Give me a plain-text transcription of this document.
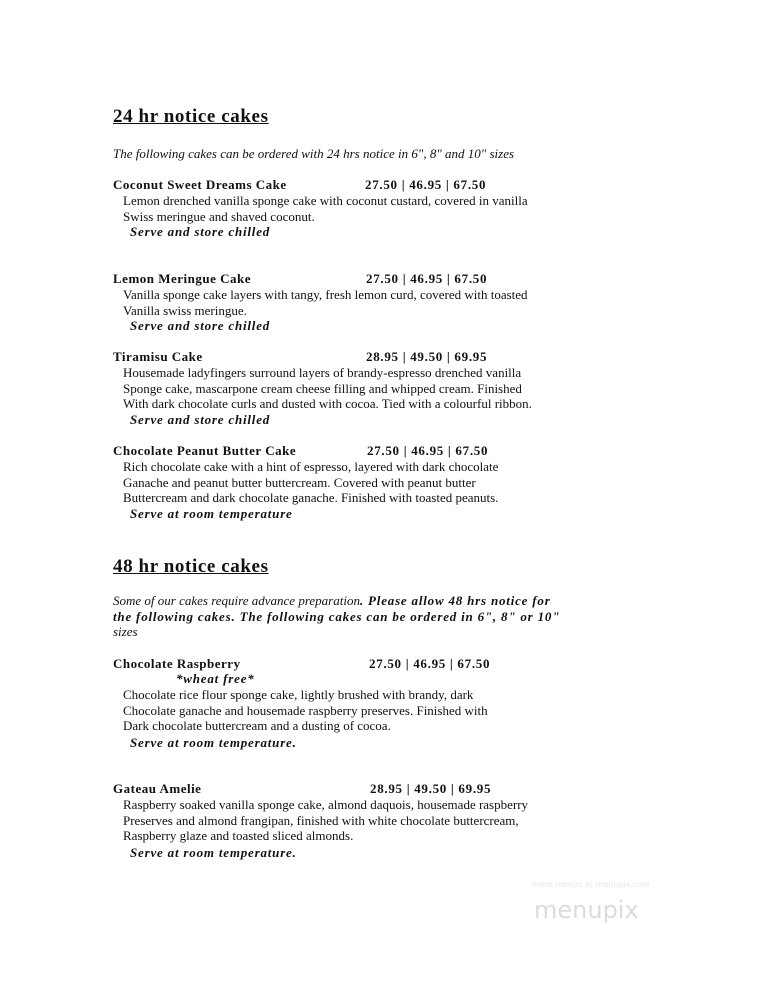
24 hr notice cakes
The following cakes can be ordered with 24 hrs notice in 6", 8" and 10" sizes
Coconut Sweet Dreams Cake	27.50 | 46.95 | 67.50
Lemon drenched vanilla sponge cake with coconut custard, covered in vanilla
Swiss meringue and shaved coconut.
Serve and store chilled
Lemon Meringue Cake	27.50 | 46.95 | 67.50
Vanilla sponge cake layers with tangy, fresh lemon curd, covered with toasted
Vanilla swiss meringue.
Serve and store chilled
Tiramisu Cake	28.95 | 49.50 | 69.95
Housemade ladyfingers surround layers of brandy-espresso drenched vanilla
Sponge cake, mascarpone cream cheese filling and whipped cream. Finished
With dark chocolate curls and dusted with cocoa. Tied with a colourful ribbon.
Serve and store chilled
Chocolate Peanut Butter Cake	27.50 | 46.95 | 67.50
Rich chocolate cake with a hint of espresso, layered with dark chocolate
Ganache and peanut butter buttercream. Covered with peanut butter
Buttercream and dark chocolate ganache. Finished with toasted peanuts.
Serve at room temperature
48 hr notice cakes
Some of our cakes require advance preparation. Please allow 48 hrs notice for
the following cakes. The following cakes can be ordered in 6", 8" or 10"
sizes
Chocolate Raspberry	27.50 | 46.95 | 67.50
*wheat free*
Chocolate rice flour sponge cake, lightly brushed with brandy, dark
Chocolate ganache and housemade raspberry preserves. Finished with
Dark chocolate buttercream and a dusting of cocoa.
Serve at room temperature.
Gateau Amelie	28.95 | 49.50 | 69.95
Raspberry soaked vanilla sponge cake, almond daquois, housemade raspberry
Preserves and almond frangipan, finished with white chocolate buttercream,
Raspberry glaze and toasted sliced almonds.
Serve at room temperature.
more menus at menupix.com
menupix
